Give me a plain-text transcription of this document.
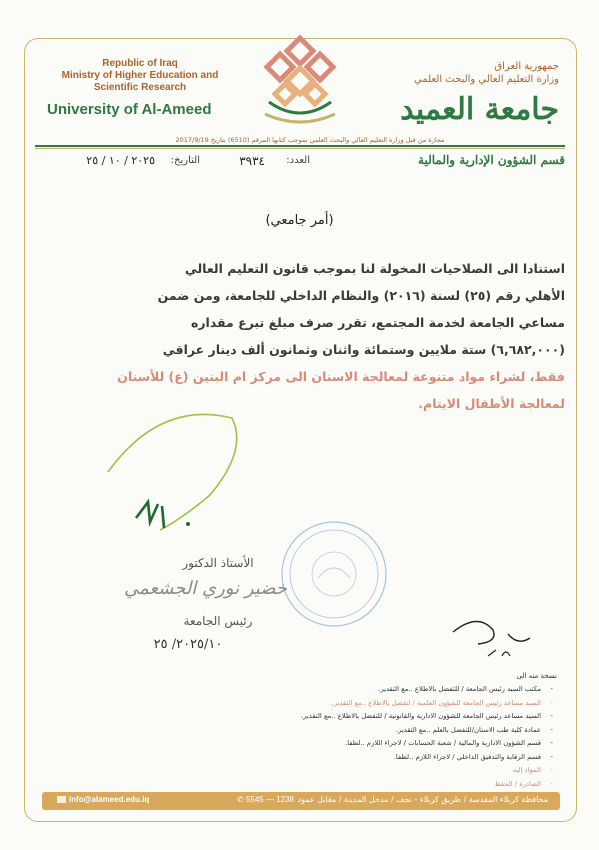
Republic of Iraq
Ministry of Higher Education and
Scientific Research
University of Al-Ameed
جمهورية العراق
وزارة التعليم العالي والبحث العلمي
جامعة العميد
مجازة من قبل وزارة التعليم العالي والبحث العلمي بموجب كتابها المرقم (6510) بتاريخ 2017/9/19
قسم الشؤون الإدارية والمالية
العدد:
٣٩٣٤
التاريخ:
٢٠٢٥ / ١٠ / ٢٥
(أمر جامعي)
استنادا الى الصلاحيات المخولة لنا بموجب قانون التعليم العالي
الأهلي رقم (٢٥) لسنة (٢٠١٦) والنظام الداخلي للجامعة، ومن ضمن
مساعي الجامعة لخدمة المجتمع، تقرر صرف مبلغ تبرع مقداره
(٦,٦٨٢,٠٠٠) ستة ملايين وستمائة واثنان وثمانون ألف دينار عراقي
فقط، لشراء مواد متنوعة لمعالجة الاسنان الى مركز ام البنين (ع) للأسنان
لمعالجة الأطفال الايتام.
الأستاذ الدكتور
خضير نوري الجشعمي
رئيس الجامعة
٢٠٢٥/١٠/ ٢٥
نسخة منه الى
- مكتب السيد رئيس الجامعة / للتفضل بالاطلاع ..مع التقدير.
- السيد مساعد رئيس الجامعة للشؤون العلمية / لتفضل بالاطلاع ..مع التقدير.
- السيد مساعد رئيس الجامعة للشؤون الادارية والقانونية / للتفضل بالاطلاع ..مع التقدير.
- عمادة كلية طب الاسنان/للتفضل بالعلم ..مع التقدير.
- قسم الشؤون الادارية والمالية / شعبة الحسابات / لاجراء اللازم ..لطفا.
- قسم الرقابة والتدقيق الداخلي / لاجراء اللازم ..لطفا.
- المواد إليه
- الصادرة / الحفظ
info@alameed.edu.iq	✆ 5545 — 1238 محافظة كربلاء المقدسة / طريق كربلاء - نجف / مدخل المدينة / مقابل عمود
